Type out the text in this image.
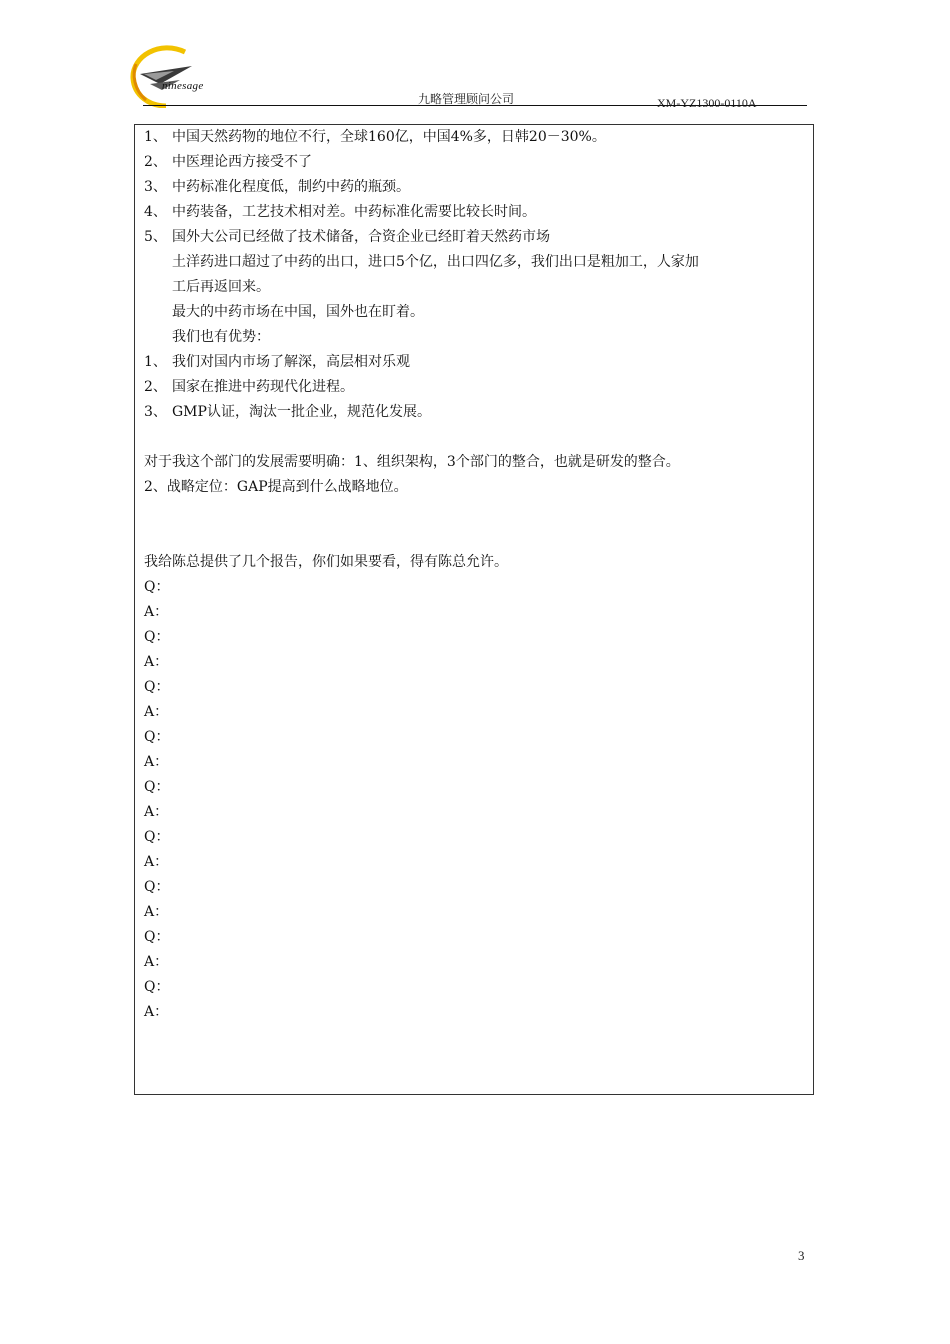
ninesage
九略管理顾问公司	XM-YZ1300-0110A
1、 中国天然药物的地位不行，全球160亿，中国4%多，日韩20－30%。
2、 中医理论西方接受不了
3、 中药标准化程度低，制约中药的瓶颈。
4、 中药装备，工艺技术相对差。中药标准化需要比较长时间。
5、 国外大公司已经做了技术储备，合资企业已经盯着天然药市场
土洋药进口超过了中药的出口，进口5个亿，出口四亿多，我们出口是粗加工，人家加
工后再返回来。
最大的中药市场在中国，国外也在盯着。
我们也有优势：
1、 我们对国内市场了解深，高层相对乐观
2、 国家在推进中药现代化进程。
3、 GMP认证，淘汰一批企业，规范化发展。
对于我这个部门的发展需要明确：1、组织架构，3个部门的整合，也就是研发的整合。
2、战略定位：GAP提高到什么战略地位。
我给陈总提供了几个报告，你们如果要看，得有陈总允许。
Q：
A：
Q：
A：
Q：
A：
Q：
A：
Q：
A：
Q：
A：
Q：
A：
Q：
A：
Q：
A：
3
